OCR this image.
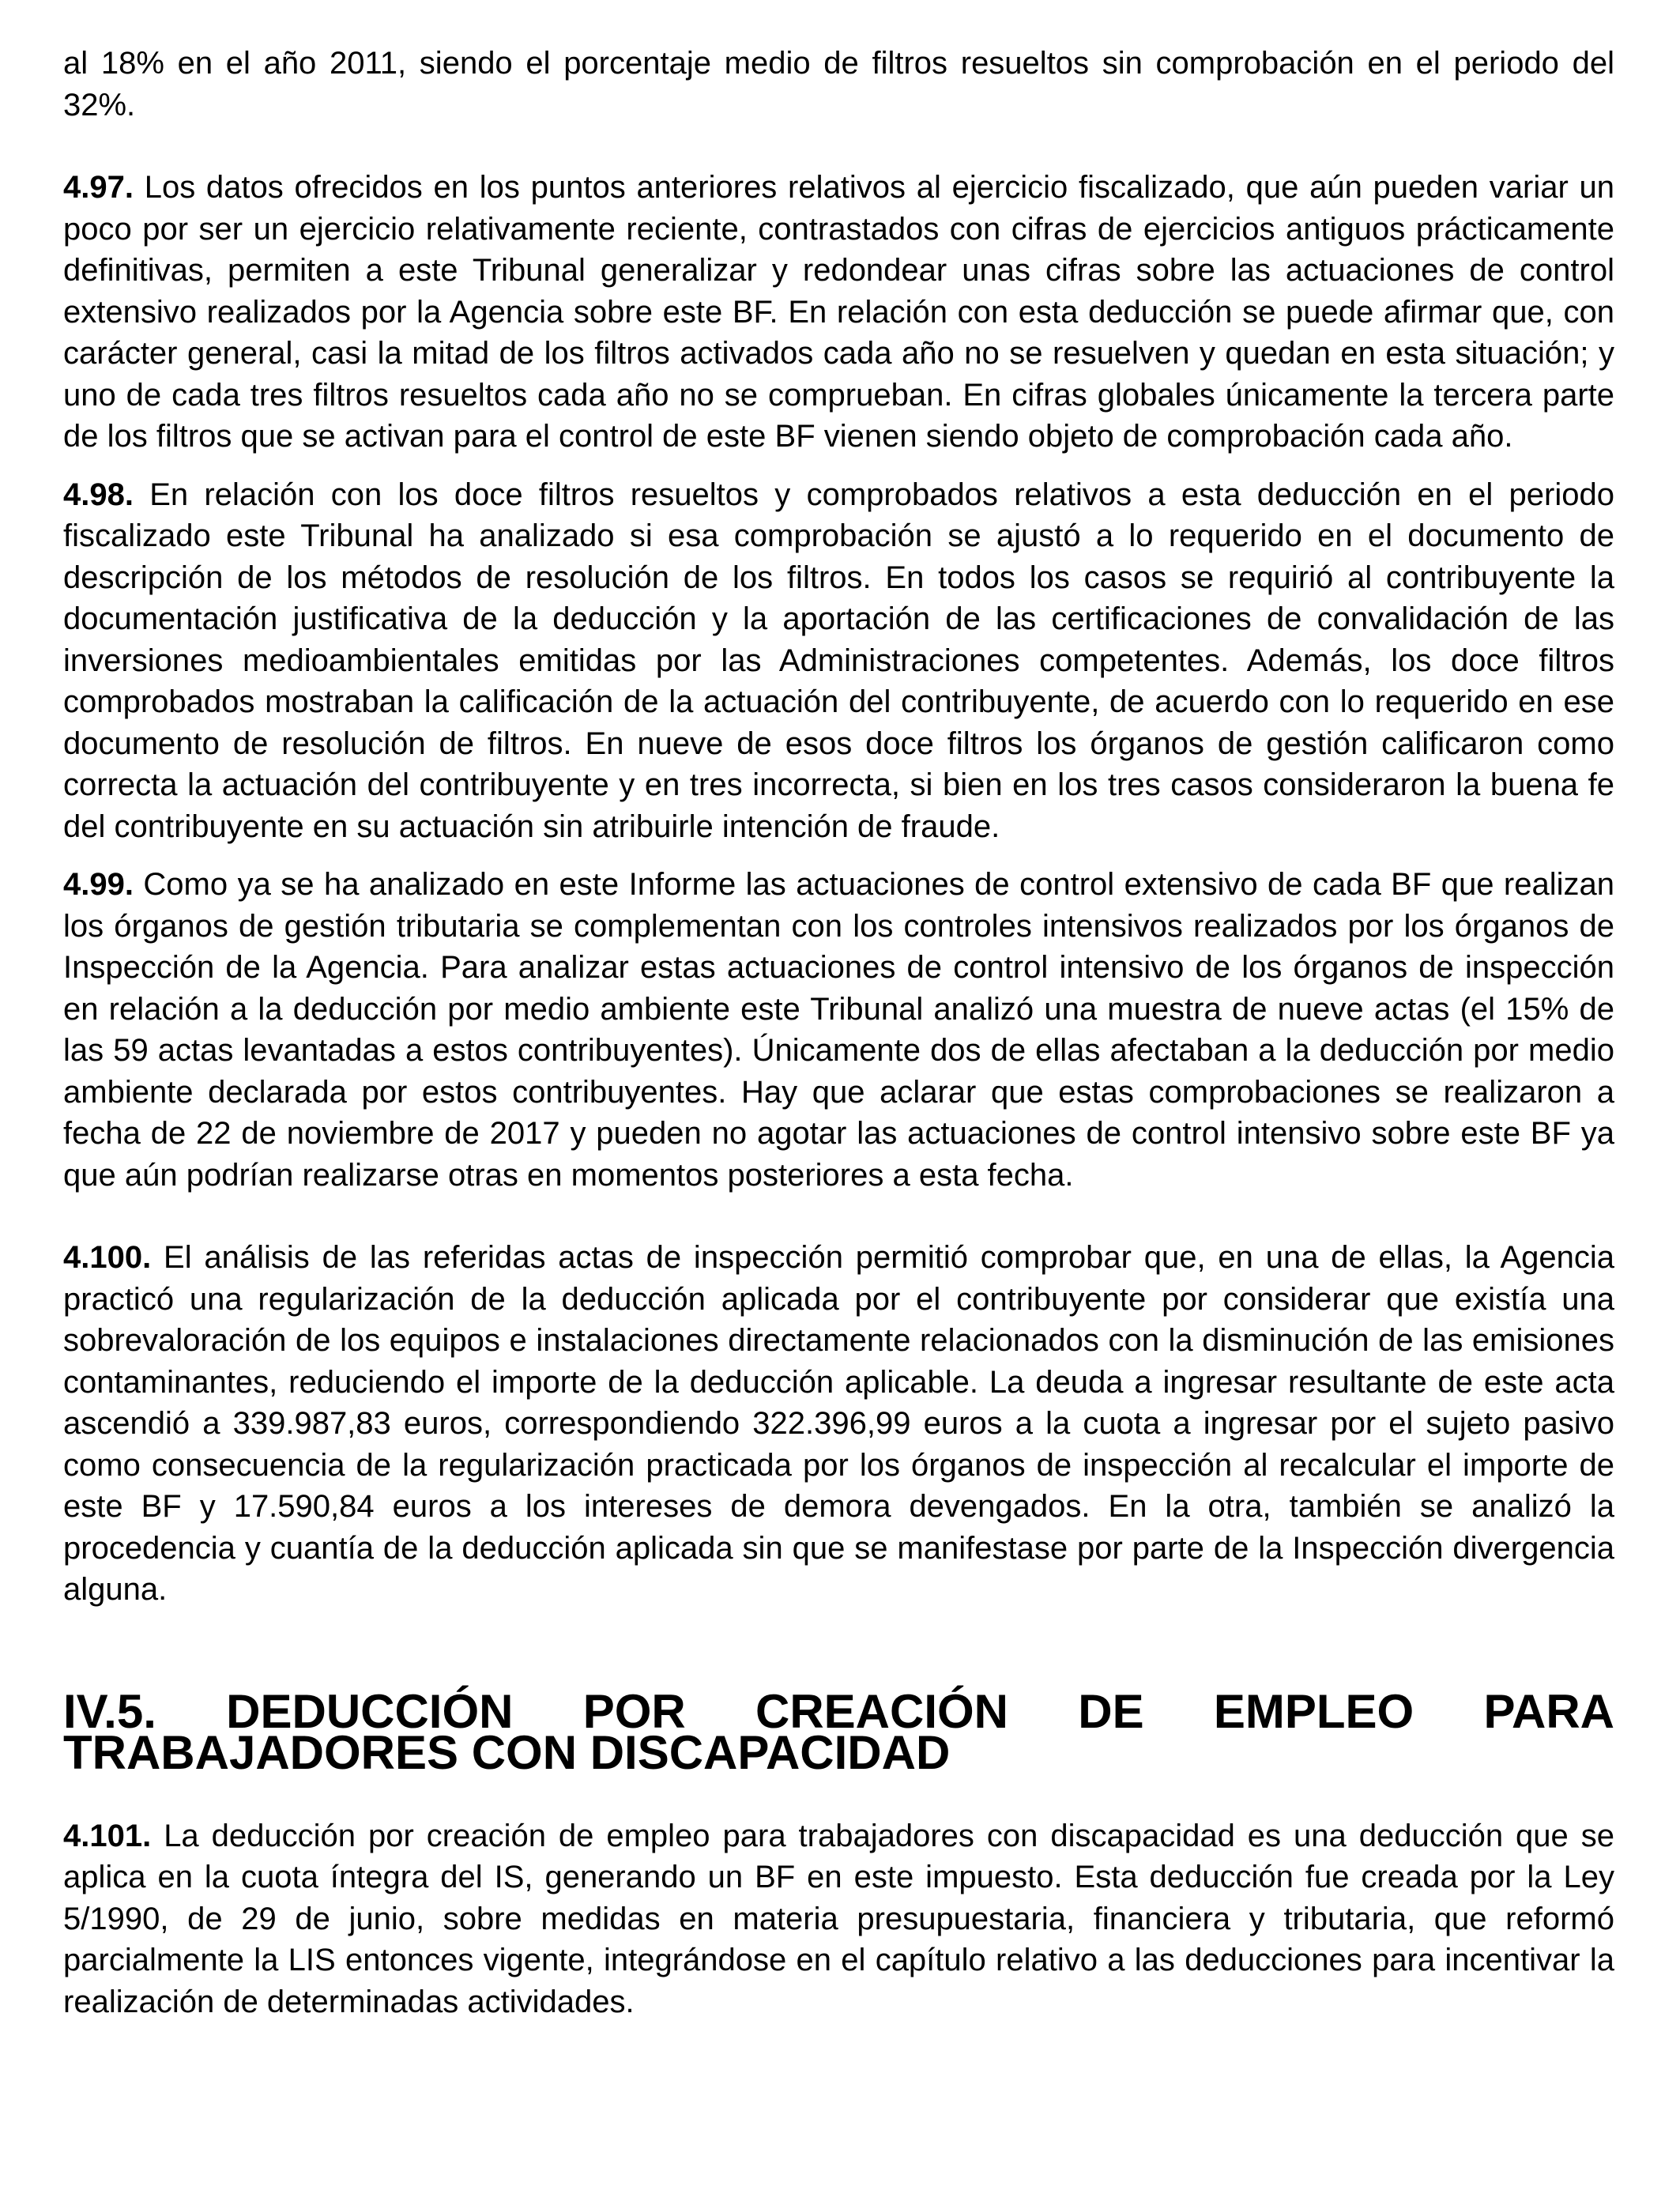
al 18% en el año 2011, siendo el porcentaje medio de filtros resueltos sin comprobación en el periodo del 32%.

4.97. Los datos ofrecidos en los puntos anteriores relativos al ejercicio fiscalizado, que aún pueden variar un poco por ser un ejercicio relativamente reciente, contrastados con cifras de ejercicios antiguos prácticamente definitivas, permiten a este Tribunal generalizar y redondear unas cifras sobre las actuaciones de control extensivo realizados por la Agencia sobre este BF. En relación con esta deducción se puede afirmar que, con carácter general, casi la mitad de los filtros activados cada año no se resuelven y quedan en esta situación; y uno de cada tres filtros resueltos cada año no se comprueban. En cifras globales únicamente la tercera parte de los filtros que se activan para el control de este BF vienen siendo objeto de comprobación cada año.

4.98. En relación con los doce filtros resueltos y comprobados relativos a esta deducción en el periodo fiscalizado este Tribunal ha analizado si esa comprobación se ajustó a lo requerido en el documento de descripción de los métodos de resolución de los filtros. En todos los casos se requirió al contribuyente la documentación justificativa de la deducción y la aportación de las certificaciones de convalidación de las inversiones medioambientales emitidas por las Administraciones competentes. Además, los doce filtros comprobados mostraban la calificación de la actuación del contribuyente, de acuerdo con lo requerido en ese documento de resolución de filtros. En nueve de esos doce filtros los órganos de gestión calificaron como correcta la actuación del contribuyente y en tres incorrecta, si bien en los tres casos consideraron la buena fe del contribuyente en su actuación sin atribuirle intención de fraude.

4.99. Como ya se ha analizado en este Informe las actuaciones de control extensivo de cada BF que realizan los órganos de gestión tributaria se complementan con los controles intensivos realizados por los órganos de Inspección de la Agencia. Para analizar estas actuaciones de control intensivo de los órganos de inspección en relación a la deducción por medio ambiente este Tribunal analizó una muestra de nueve actas (el 15% de las 59 actas levantadas a estos contribuyentes). Únicamente dos de ellas afectaban a la deducción por medio ambiente declarada por estos contribuyentes. Hay que aclarar que estas comprobaciones se realizaron a fecha de 22 de noviembre de 2017 y pueden no agotar las actuaciones de control intensivo sobre este BF ya que aún podrían realizarse otras en momentos posteriores a esta fecha.

4.100. El análisis de las referidas actas de inspección permitió comprobar que, en una de ellas, la Agencia practicó una regularización de la deducción aplicada por el contribuyente por considerar que existía una sobrevaloración de los equipos e instalaciones directamente relacionados con la disminución de las emisiones contaminantes, reduciendo el importe de la deducción aplicable. La deuda a ingresar resultante de este acta ascendió a 339.987,83 euros, correspondiendo 322.396,99 euros a la cuota a ingresar por el sujeto pasivo como consecuencia de la regularización practicada por los órganos de inspección al recalcular el importe de este BF y 17.590,84 euros a los intereses de demora devengados. En la otra, también se analizó la procedencia y cuantía de la deducción aplicada sin que se manifestase por parte de la Inspección divergencia alguna.

IV.5. DEDUCCIÓN POR CREACIÓN DE EMPLEO PARA TRABAJADORES CON DISCAPACIDAD

4.101. La deducción por creación de empleo para trabajadores con discapacidad es una deducción que se aplica en la cuota íntegra del IS, generando un BF en este impuesto. Esta deducción fue creada por la Ley 5/1990, de 29 de junio, sobre medidas en materia presupuestaria, financiera y tributaria, que reformó parcialmente la LIS entonces vigente, integrándose en el capítulo relativo a las deducciones para incentivar la realización de determinadas actividades.
